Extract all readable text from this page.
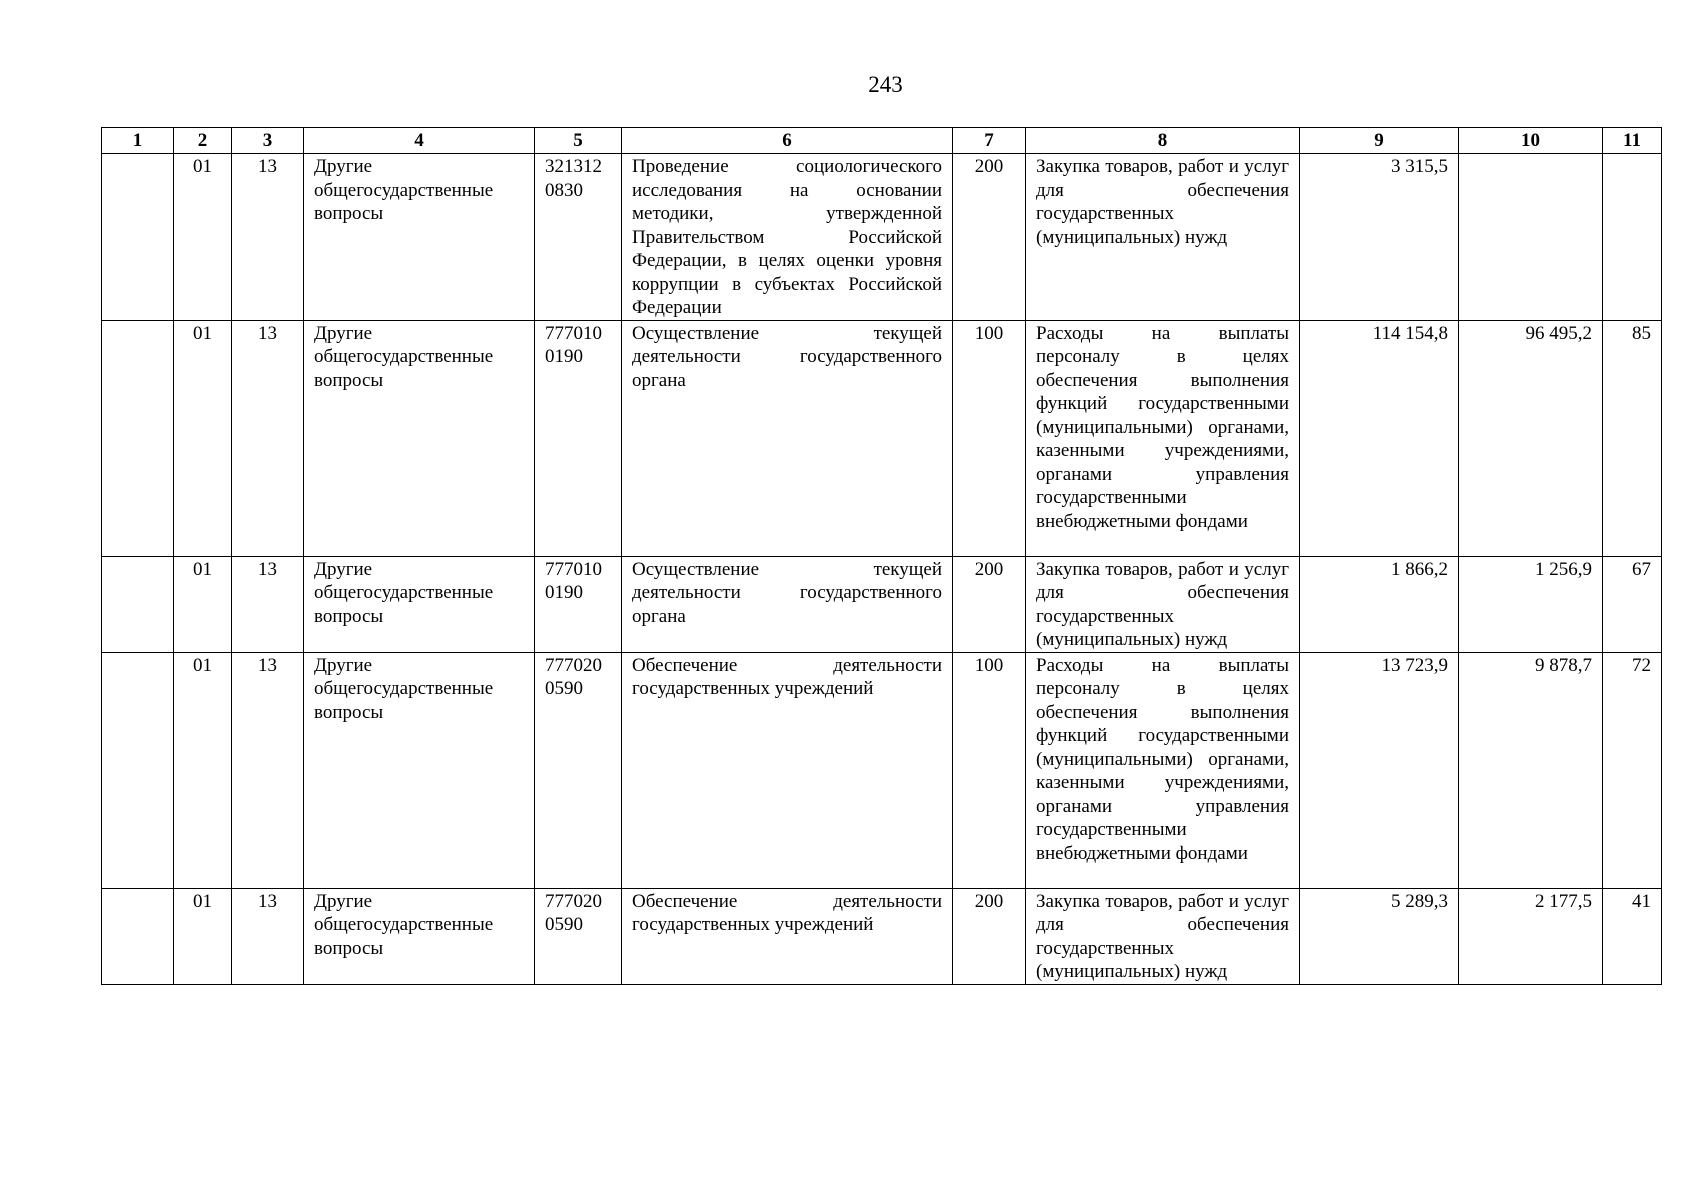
243
1	2	3	4	5	6	7	8	9	10	11
	01	13	Другие общегосударственные вопросы	321312 0830	Проведение социологического исследования на основании методики, утвержденной Правительством Российской Федерации, в целях оценки уровня коррупции в субъектах Российской Федерации	200	Закупка товаров, работ и услуг для обеспечения государственных (муниципальных) нужд	3 315,5		
	01	13	Другие общегосударственные вопросы	777010 0190	Осуществление текущей деятельности государственного органа	100	Расходы на выплаты персоналу в целях обеспечения выполнения функций государственными (муниципальными) органами, казенными учреждениями, органами управления государственными внебюджетными фондами	114 154,8	96 495,2	85
	01	13	Другие общегосударственные вопросы	777010 0190	Осуществление текущей деятельности государственного органа	200	Закупка товаров, работ и услуг для обеспечения государственных (муниципальных) нужд	1 866,2	1 256,9	67
	01	13	Другие общегосударственные вопросы	777020 0590	Обеспечение деятельности государственных учреждений	100	Расходы на выплаты персоналу в целях обеспечения выполнения функций государственными (муниципальными) органами, казенными учреждениями, органами управления государственными внебюджетными фондами	13 723,9	9 878,7	72
	01	13	Другие общегосударственные вопросы	777020 0590	Обеспечение деятельности государственных учреждений	200	Закупка товаров, работ и услуг для обеспечения государственных (муниципальных) нужд	5 289,3	2 177,5	41
